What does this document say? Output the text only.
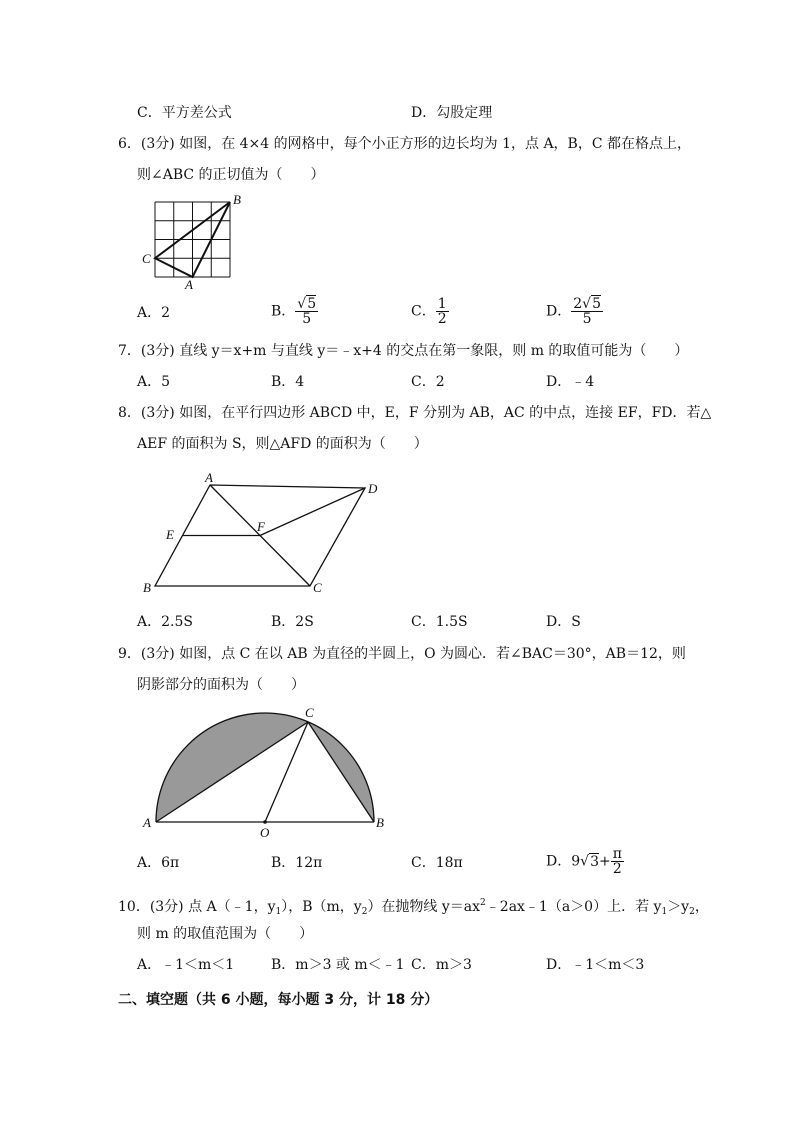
C．平方差公式	D．勾股定理
6．(3分) 如图，在 4×4 的网格中，每个小正方形的边长均为 1，点 A，B，C 都在格点上，
则∠ABC 的正切值为（　　）
B
C
A
A．2	B． $\frac{√5}{5}$	C． $\frac{1}{2}$	D． $\frac{2√5}{5}$
7．(3分) 直线 y＝x+m 与直线 y＝﹣x+4 的交点在第一象限，则 m 的取值可能为（　　）
A．5	B．4	C．2	D．﹣4
8．(3分) 如图，在平行四边形 ABCD 中，E，F 分别为 AB，AC 的中点，连接 EF，FD．若△
AEF 的面积为 S，则△AFD 的面积为（　　）
A
D
E
F
B	C
A．2.5S	B．2S	C．1.5S	D．S
9．(3分) 如图，点 C 在以 AB 为直径的半圆上，O 为圆心．若∠BAC＝30°，AB＝12，则
阴影部分的面积为（　　）
C
A
O
B
A．6π	B．12π	C．18π	D．$9√3+ \frac{\pi}{2}$
10．(3分) 点 A（﹣1，$y_1$），B（m，$y_2$）在抛物线 $y=ax^2﹣2ax﹣1(a>0)$上．若 $y_1>y_2$，
则 m 的取值范围为（　　）
A．﹣1＜m＜1	B．m＞3 或 m＜﹣1 C．m＞3	D．﹣1＜m＜3
二、填空题（共 6 小题，每小题 3 分，计 18 分）
